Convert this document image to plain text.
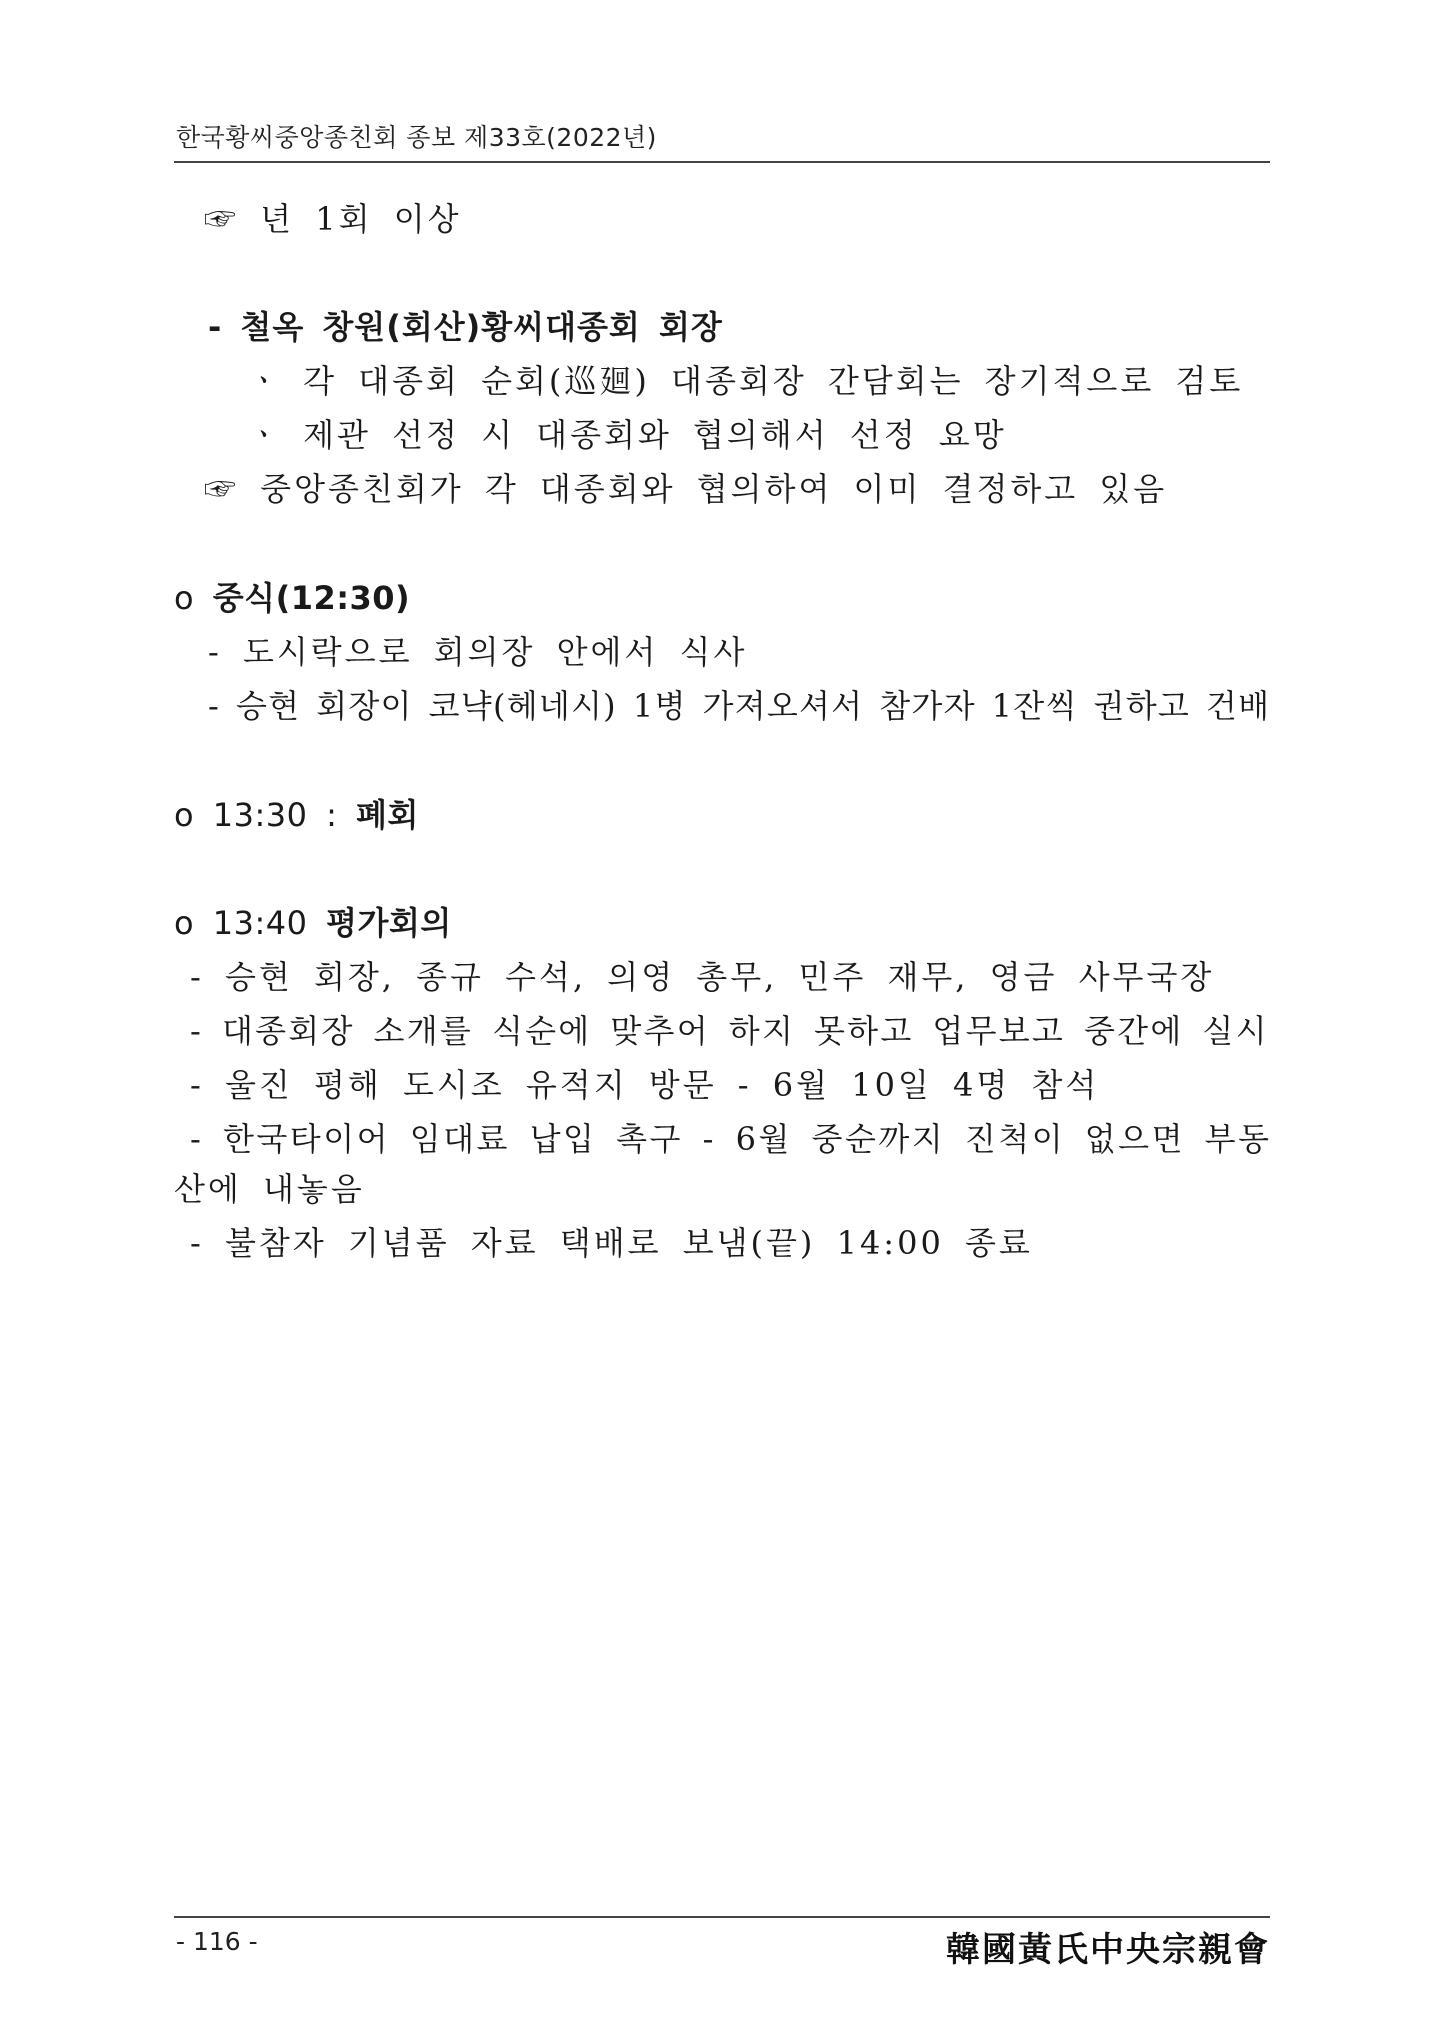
한국황씨중앙종친회 종보 제33호(2022년)
☞ 년 1회 이상
- 철옥 창원(회산)황씨대종회 회장
ㆍ 각 대종회 순회(巡廻) 대종회장 간담회는 장기적으로 검토
ㆍ 제관 선정 시 대종회와 협의해서 선정 요망
☞ 중앙종친회가 각 대종회와 협의하여 이미 결정하고 있음
o 중식(12:30)
- 도시락으로 회의장 안에서 식사
- 승현 회장이 코냑(헤네시) 1병 가져오셔서 참가자 1잔씩 권하고 건배
o 13:30 : 폐회
o 13:40 평가회의
- 승현 회장, 종규 수석, 의영 총무, 민주 재무, 영금 사무국장
- 대종회장 소개를 식순에 맞추어 하지 못하고 업무보고 중간에 실시
- 울진 평해 도시조 유적지 방문 - 6월 10일 4명 참석
- 한국타이어 임대료 납입 촉구 - 6월 중순까지 진척이 없으면 부동
산에 내놓음
- 불참자 기념품 자료 택배로 보냄(끝) 14:00 종료
- 116 -	韓國黃氏中央宗親會
